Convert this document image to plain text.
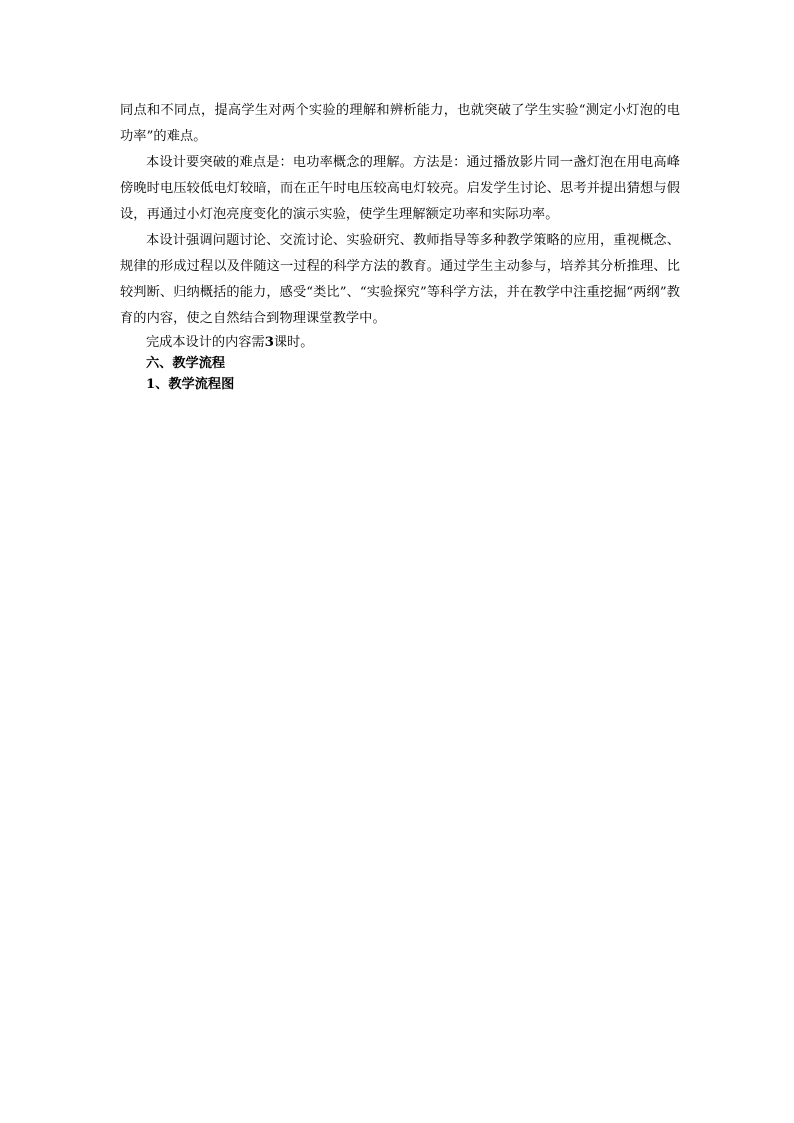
同点和不同点，提高学生对两个实验的理解和辨析能力，也就突破了学生实验“测定小灯泡的电功率”的难点。

本设计要突破的难点是：电功率概念的理解。方法是：通过播放影片同一盏灯泡在用电高峰傍晚时电压较低电灯较暗，而在正午时电压较高电灯较亮。启发学生讨论、思考并提出猜想与假设，再通过小灯泡亮度变化的演示实验，使学生理解额定功率和实际功率。

本设计强调问题讨论、交流讨论、实验研究、教师指导等多种教学策略的应用，重视概念、规律的形成过程以及伴随这一过程的科学方法的教育。通过学生主动参与，培养其分析推理、比较判断、归纳概括的能力，感受“类比”、“实验探究”等科学方法，并在教学中注重挖掘“两纲”教育的内容，使之自然结合到物理课堂教学中。

完成本设计的内容需3课时。

六、教学流程

1、教学流程图
